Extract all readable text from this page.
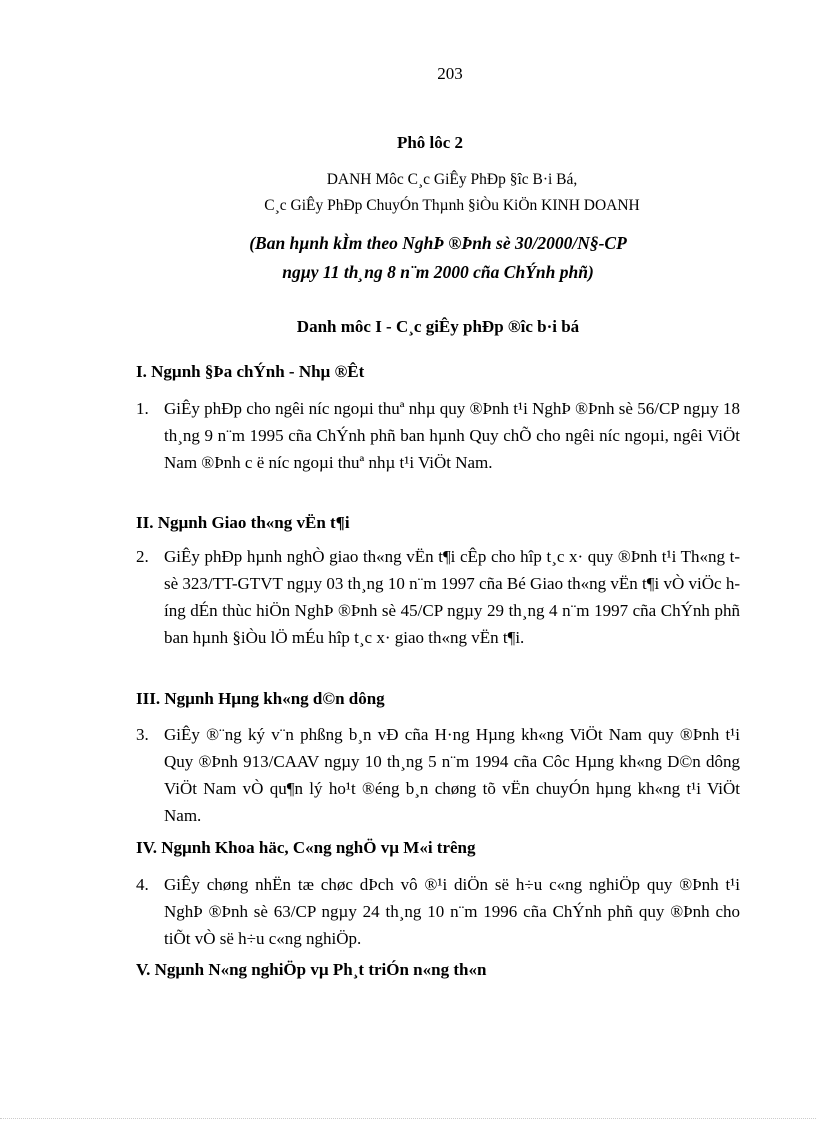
203
Phô lôc 2
DANH Môc C¸c GiÊy PhÐp §îc B·i Bá,
C¸c GiÊy PhÐp ChuyÓn Thµnh §iÒu KiÖn KINH DOANH
(Ban hµnh kÌm theo NghÞ ®Þnh sè 30/2000/N§-CP
ngµy 11 th¸ng 8 n¨m 2000 cña ChÝnh phñ)
Danh môc I - C¸c giÊy phÐp ®îc b·i bá
I. Ngµnh §Þa chÝnh - Nhµ ®Êt
1. GiÊy phÐp cho ngêi níc ngoµi thuª nhµ quy ®Þnh t¹i NghÞ ®Þnh sè 56/CP ngµy 18 th¸ng 9 n¨m 1995 cña ChÝnh phñ ban hµnh Quy chÕ cho ngêi níc ngoµi, ngêi ViÖt Nam ®Þnh c ë níc ngoµi thuª nhµ t¹i ViÖt Nam.
II. Ngµnh Giao th«ng vËn t¶i
2. GiÊy phÐp hµnh nghÒ giao th«ng vËn t¶i cÊp cho hîp t¸c x· quy ®Þnh t¹i Th«ng t sè 323/TT-GTVT ngµy 03 th¸ng 10 n¨m 1997 cña Bé Giao th«ng vËn t¶i vÒ viÖc híng dÉn thùc hiÖn NghÞ ®Þnh sè 45/CP ngµy 29 th¸ng 4 n¨m 1997 cña ChÝnh phñ ban hµnh §iÒu lÖ mÉu hîp t¸c x· giao th«ng vËn t¶i.
III. Ngµnh Hµng kh«ng d©n dông
3. GiÊy ®¨ng ký v¨n phßng b¸n vÐ cña H·ng Hµng kh«ng ViÖt Nam quy ®Þnh t¹i Quy ®Þnh 913/CAAV ngµy 10 th¸ng 5 n¨m 1994 cña Côc Hµng kh«ng D©n dông ViÖt Nam vÒ qu¶n lý ho¹t ®éng b¸n chøng tõ vËn chuyÓn hµng kh«ng t¹i ViÖt Nam.
IV. Ngµnh Khoa häc, C«ng nghÖ vµ M«i trêng
4. GiÊy chøng nhËn tæ chøc dÞch vô ®¹i diÖn së h÷u c«ng nghiÖp quy ®Þnh t¹i NghÞ ®Þnh sè 63/CP ngµy 24 th¸ng 10 n¨m 1996 cña ChÝnh phñ quy ®Þnh cho tiÕt vÒ së h÷u c«ng nghiÖp.
V. Ngµnh N«ng nghiÖp vµ Ph¸t triÓn n«ng th«n
